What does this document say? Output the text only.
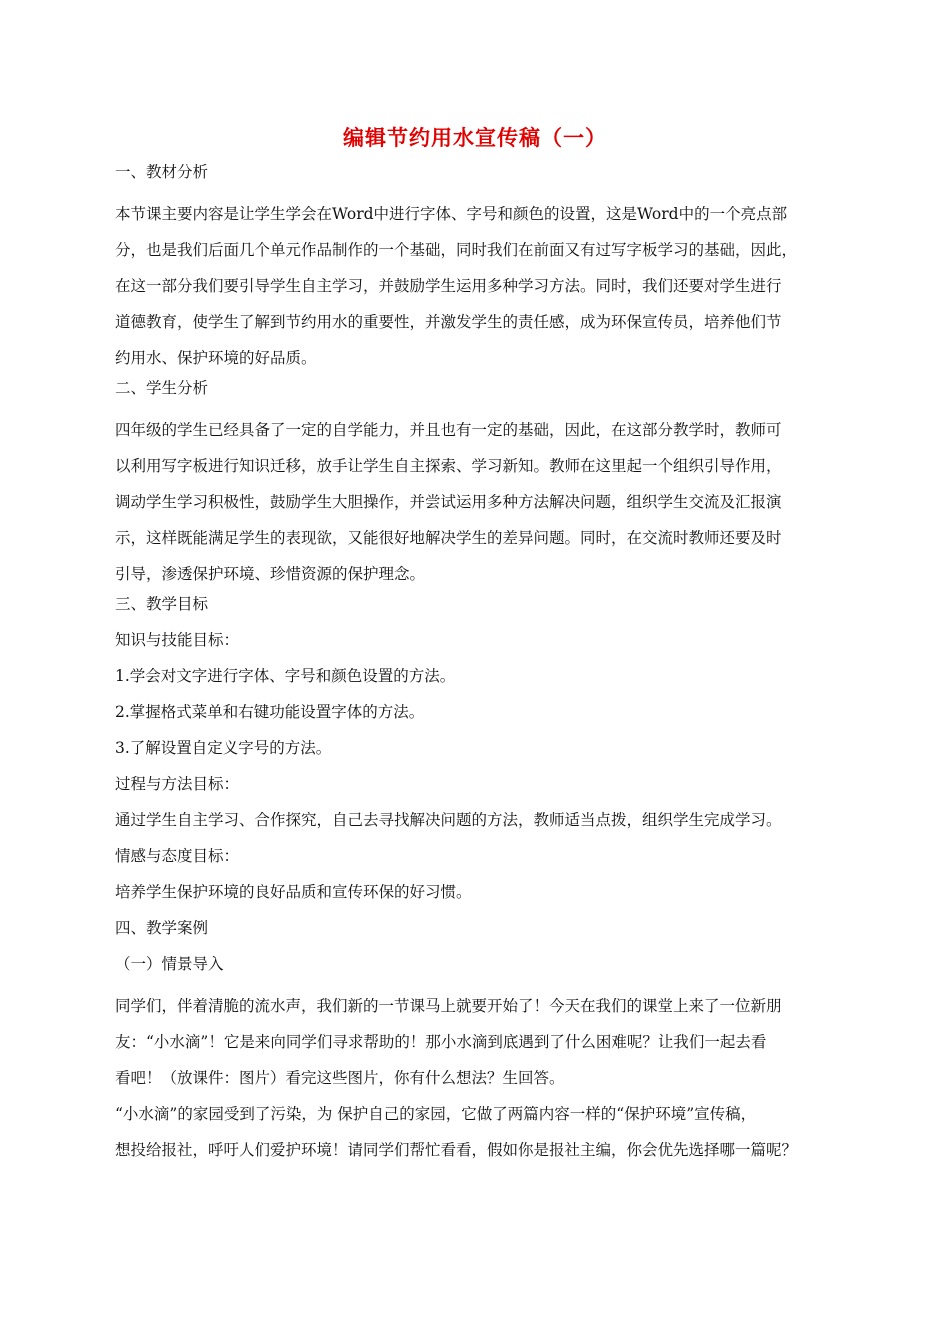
编辑节约用水宣传稿（一）
一、教材分析
本节课主要内容是让学生学会在Word中进行字体、字号和颜色的设置，这是Word中的一个亮点部
分，也是我们后面几个单元作品制作的一个基础，同时我们在前面又有过写字板学习的基础，因此，
在这一部分我们要引导学生自主学习，并鼓励学生运用多种学习方法。同时，我们还要对学生进行
道德教育，使学生了解到节约用水的重要性，并激发学生的责任感，成为环保宣传员，培养他们节
约用水、保护环境的好品质。
二、学生分析
四年级的学生已经具备了一定的自学能力，并且也有一定的基础，因此，在这部分教学时，教师可
以利用写字板进行知识迁移，放手让学生自主探索、学习新知。教师在这里起一个组织引导作用，
调动学生学习积极性，鼓励学生大胆操作，并尝试运用多种方法解决问题，组织学生交流及汇报演
示，这样既能满足学生的表现欲，又能很好地解决学生的差异问题。同时，在交流时教师还要及时
引导，渗透保护环境、珍惜资源的保护理念。
三、教学目标
知识与技能目标：
1.学会对文字进行字体、字号和颜色设置的方法。
2.掌握格式菜单和右键功能设置字体的方法。
3.了解设置自定义字号的方法。
过程与方法目标：
通过学生自主学习、合作探究，自己去寻找解决问题的方法，教师适当点拨，组织学生完成学习。
情感与态度目标：
培养学生保护环境的良好品质和宣传环保的好习惯。
四、教学案例
（一）情景导入
同学们，伴着清脆的流水声，我们新的一节课马上就要开始了！今天在我们的课堂上来了一位新朋
友：“小水滴”！它是来向同学们寻求帮助的！那小水滴到底遇到了什么困难呢？让我们一起去看
看吧！（放课件：图片）看完这些图片，你有什么想法？生回答。
“小水滴”的家园受到了污染，为 保护自己的家园，它做了两篇内容一样的“保护环境”宣传稿，
想投给报社，呼吁人们爱护环境！请同学们帮忙看看，假如你是报社主编，你会优先选择哪一篇呢？
